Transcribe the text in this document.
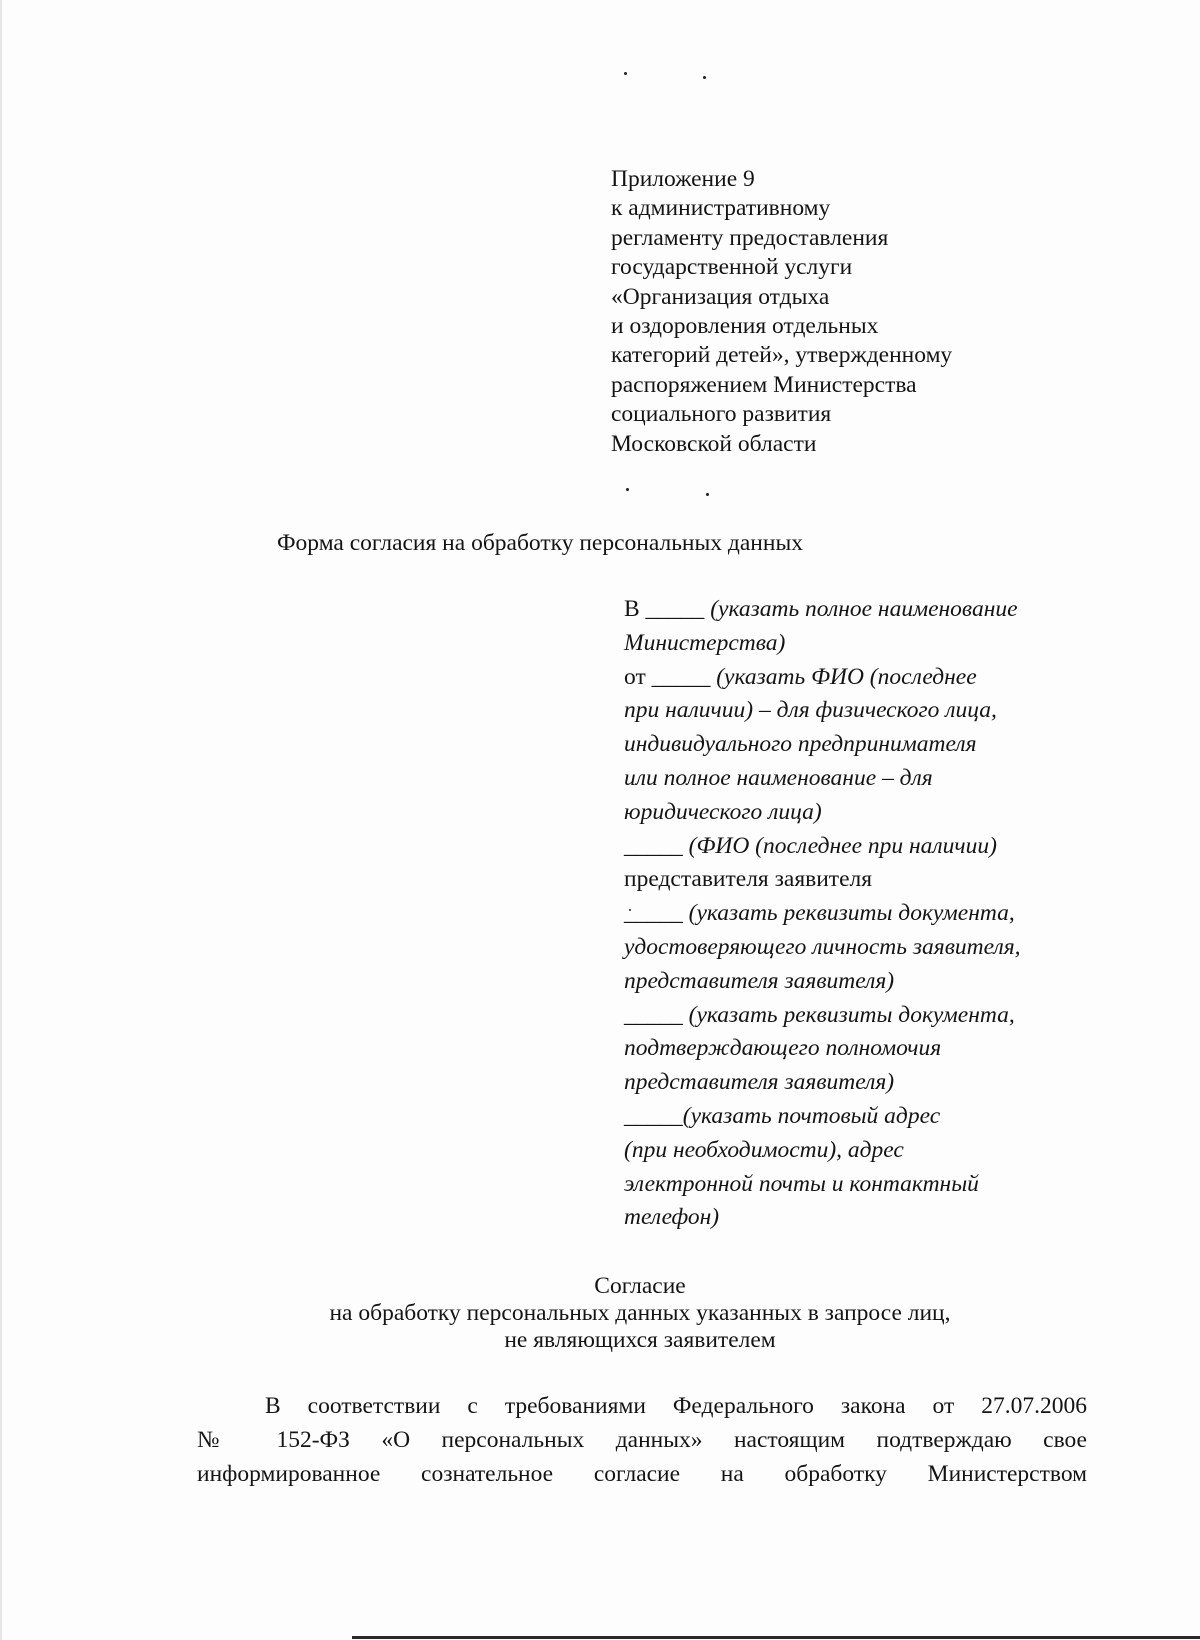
Приложение 9
к административному
регламенту предоставления
государственной услуги
«Организация отдыха
и оздоровления отдельных
категорий детей», утвержденному
распоряжением Министерства
социального развития
Московской области
Форма согласия на обработку персональных данных
В _____ (указать полное наименование
Министерства)
от _____ (указать ФИО (последнее
при наличии) – для физического лица,
индивидуального предпринимателя
или полное наименование – для
юридического лица)
_____ (ФИО (последнее при наличии)
представителя заявителя
_____ (указать реквизиты документа,
удостоверяющего личность заявителя,
представителя заявителя)
_____ (указать реквизиты документа,
подтверждающего полномочия
представителя заявителя)
_____(указать почтовый адрес
(при необходимости), адрес
электронной почты и контактный
телефон)
Согласие
на обработку персональных данных указанных в запросе лиц,
не являющихся заявителем
В соответствии с требованиями Федерального закона от 27.07.2006
№ 152-ФЗ «О персональных данных» настоящим подтверждаю свое
информированное сознательное согласие на обработку Министерством
